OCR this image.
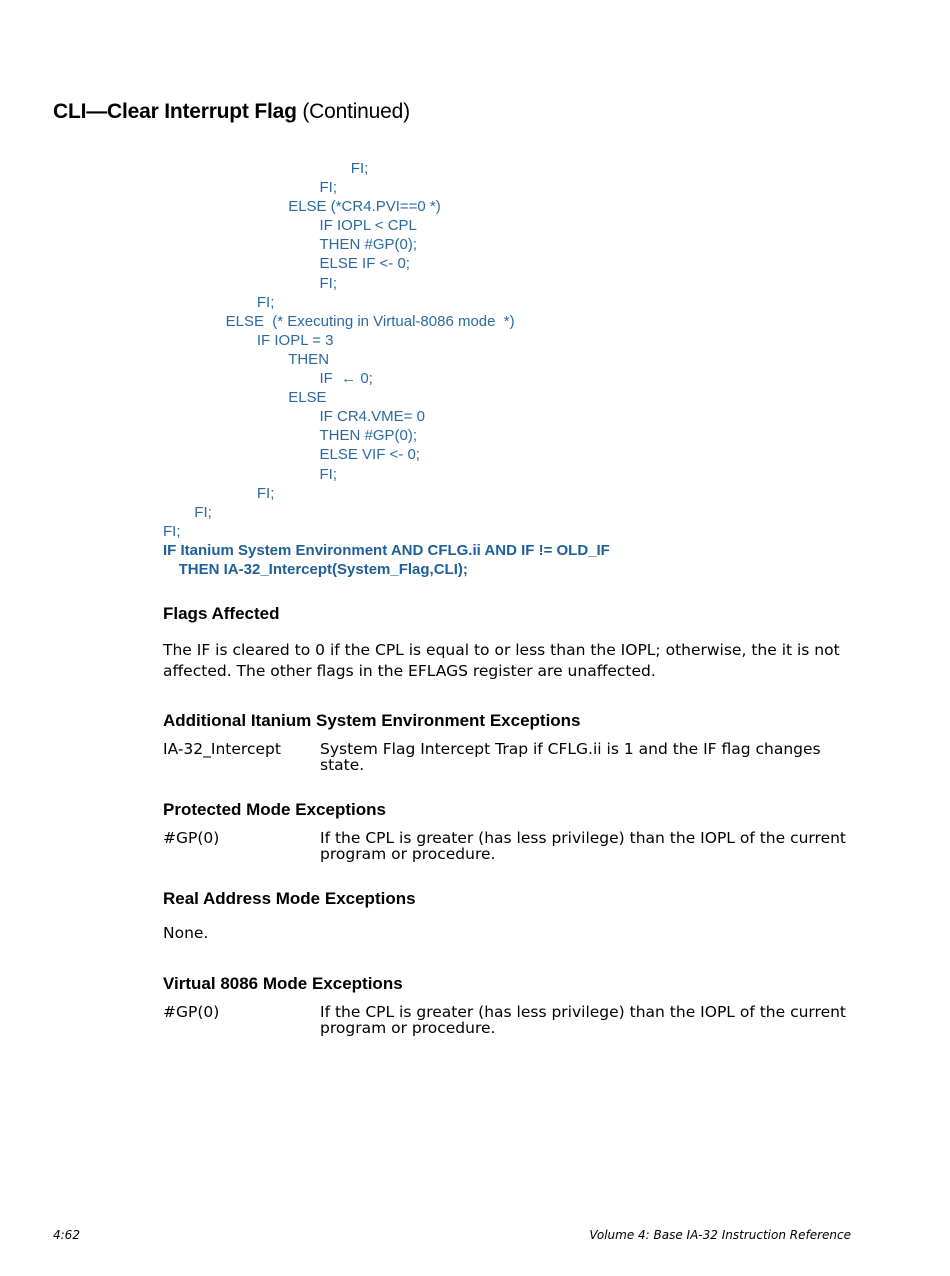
CLI—Clear Interrupt Flag (Continued)
FI;
FI;
ELSE (*CR4.PVI==0 *)
IF IOPL < CPL
THEN #GP(0);
ELSE IF <- 0;
FI;
FI;
ELSE  (* Executing in Virtual-8086 mode  *)
IF IOPL = 3
THEN
IF  ← 0;
ELSE
IF CR4.VME= 0
THEN #GP(0);
ELSE VIF <- 0;
FI;
FI;
FI;
FI;
IF Itanium System Environment AND CFLG.ii AND IF != OLD_IF
THEN IA-32_Intercept(System_Flag,CLI);
Flags Affected

The IF is cleared to 0 if the CPL is equal to or less than the IOPL; otherwise, the it is not affected. The other flags in the EFLAGS register are unaffected.

Additional Itanium System Environment Exceptions
IA-32_Intercept	System Flag Intercept Trap if CFLG.ii is 1 and the IF flag changes state.
Protected Mode Exceptions
#GP(0)	If the CPL is greater (has less privilege) than the IOPL of the current program or procedure.
Real Address Mode Exceptions

None.

Virtual 8086 Mode Exceptions
#GP(0)	If the CPL is greater (has less privilege) than the IOPL of the current program or procedure.
4:62	Volume 4: Base IA-32 Instruction Reference
